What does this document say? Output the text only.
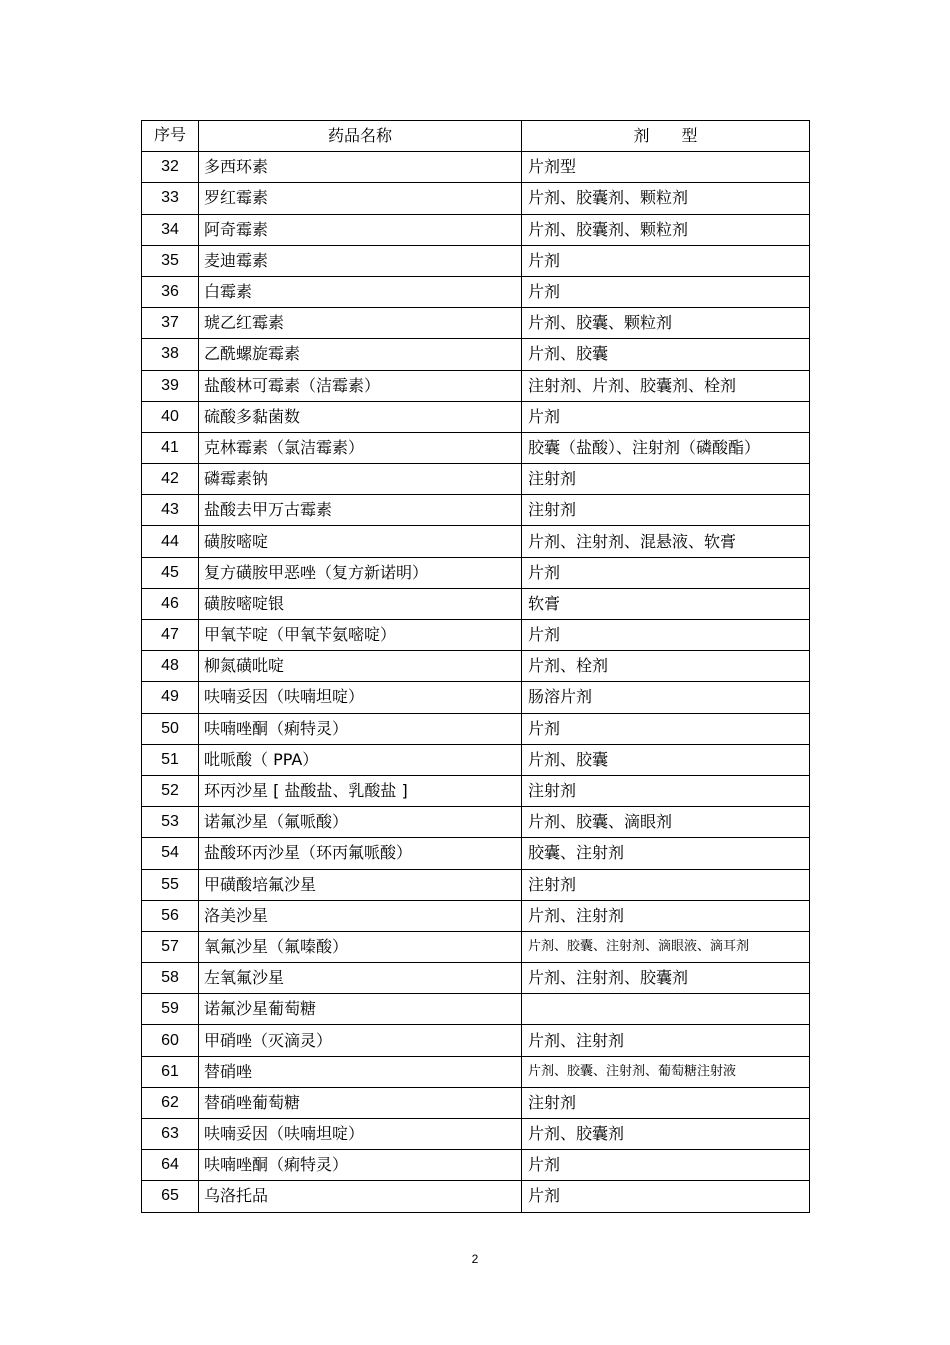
序号	药品名称	剂　　型
32	多西环素	片剂型
33	罗红霉素	片剂、胶囊剂、颗粒剂
34	阿奇霉素	片剂、胶囊剂、颗粒剂
35	麦迪霉素	片剂
36	白霉素	片剂
37	琥乙红霉素	片剂、胶囊、颗粒剂
38	乙酰螺旋霉素	片剂、胶囊
39	盐酸林可霉素（洁霉素）	注射剂、片剂、胶囊剂、栓剂
40	硫酸多黏菌数	片剂
41	克林霉素（氯洁霉素）	胶囊（盐酸）、注射剂（磷酸酯）
42	磷霉素钠	注射剂
43	盐酸去甲万古霉素	注射剂
44	磺胺嘧啶	片剂、注射剂、混悬液、软膏
45	复方磺胺甲恶唑（复方新诺明）	片剂
46	磺胺嘧啶银	软膏
47	甲氧苄啶（甲氧苄氨嘧啶）	片剂
48	柳氮磺吡啶	片剂、栓剂
49	呋喃妥因（呋喃坦啶）	肠溶片剂
50	呋喃唑酮（痢特灵）	片剂
51	吡哌酸（ PPA）	片剂、胶囊
52	环丙沙星 [ 盐酸盐、乳酸盐 ]	注射剂
53	诺氟沙星（氟哌酸）	片剂、胶囊、滴眼剂
54	盐酸环丙沙星（环丙氟哌酸）	胶囊、注射剂
55	甲磺酸培氟沙星	注射剂
56	洛美沙星	片剂、注射剂
57	氧氟沙星（氟嗪酸）	片剂、胶囊、注射剂、滴眼液、滴耳剂
58	左氧氟沙星	片剂、注射剂、胶囊剂
59	诺氟沙星葡萄糖	
60	甲硝唑（灭滴灵）	片剂、注射剂
61	替硝唑	片剂、胶囊、注射剂、葡萄糖注射液
62	替硝唑葡萄糖	注射剂
63	呋喃妥因（呋喃坦啶）	片剂、胶囊剂
64	呋喃唑酮（痢特灵）	片剂
65	乌洛托品	片剂
2
